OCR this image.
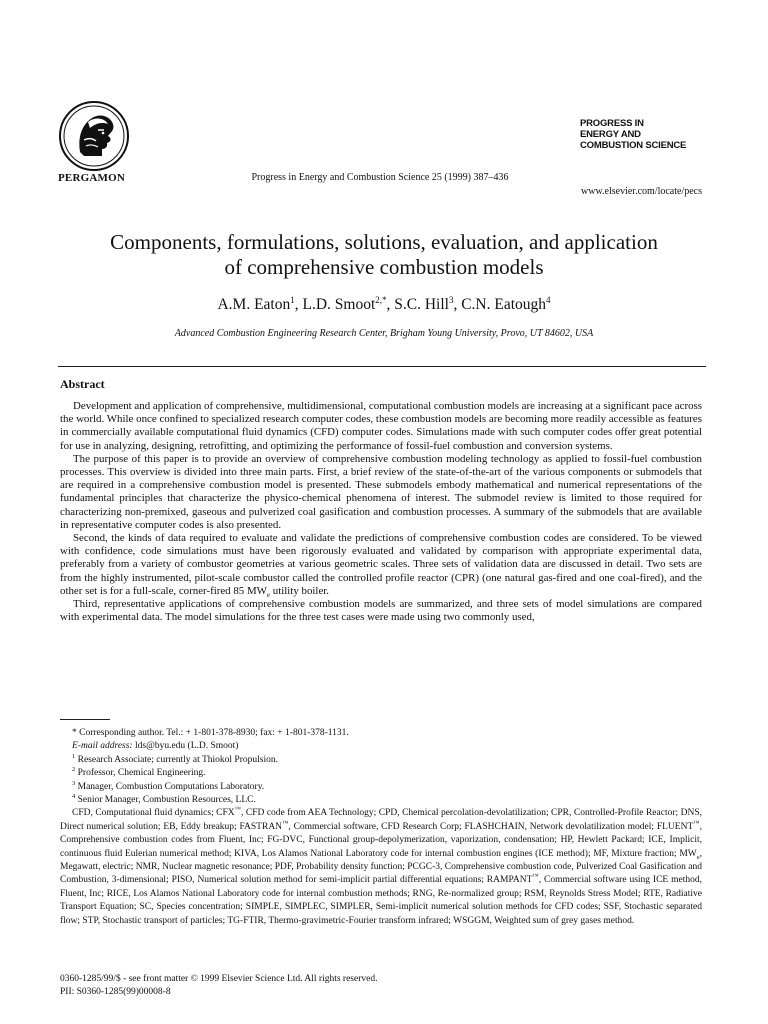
PERGAMON	Progress in Energy and Combustion Science 25 (1999) 387–436
PROGRESS IN
ENERGY AND
COMBUSTION SCIENCE
www.elsevier.com/locate/pecs
Components, formulations, solutions, evaluation, and application
of comprehensive combustion models
A.M. Eaton$^1$, L.D. Smoot$^{2,*}$, S.C. Hill$^3$, C.N. Eatough$^4$
Advanced Combustion Engineering Research Center, Brigham Young University, Provo, UT 84602, USA
Abstract

Development and application of comprehensive, multidimensional, computational combustion models are increasing at a significant pace across the world. While once confined to specialized research computer codes, these combustion models are becoming more readily accessible as features in commercially available computational fluid dynamics (CFD) computer codes. Simulations made with such computer codes offer great potential for use in analyzing, designing, retrofitting, and optimizing the performance of fossil-fuel combustion and conversion systems.

The purpose of this paper is to provide an overview of comprehensive combustion modeling technology as applied to fossil-fuel combustion processes. This overview is divided into three main parts. First, a brief review of the state-of-the-art of the various components or submodels that are required in a comprehensive combustion model is presented. These submodels embody mathematical and numerical representations of the fundamental principles that characterize the physico-chemical phenomena of interest. The submodel review is limited to those required for characterizing non-premixed, gaseous and pulverized coal gasification and combustion processes. A summary of the submodels that are available in representative computer codes is also presented.

Second, the kinds of data required to evaluate and validate the predictions of comprehensive combustion codes are considered. To be viewed with confidence, code simulations must have been rigorously evaluated and validated by comparison with appropriate experimental data, preferably from a variety of combustor geometries at various geometric scales. Three sets of validation data are discussed in detail. Two sets are from the highly instrumented, pilot-scale combustor called the controlled profile reactor (CPR) (one natural gas-fired and one coal-fired), and the other set is for a full-scale, corner-fired 85 $MW_e$ utility boiler.

Third, representative applications of comprehensive combustion models are summarized, and three sets of model simulations are compared with experimental data. The model simulations for the three test cases were made using two commonly used,

* Corresponding author. Tel.: + 1-801-378-8930; fax: + 1-801-378-1131.

E-mail address: lds@byu.edu (L.D. Smoot)

$^1$ Research Associate; currently at Thiokol Propulsion.

$^2$ Professor, Chemical Engineering.

$^3$ Manager, Combustion Computations Laboratory.

$^4$ Senior Manager, Combustion Resources, LLC.

CFD, Computational fluid dynamics; CFX™, CFD code from AEA Technology; CPD, Chemical percolation-devolatilization; CPR, Controlled-Profile Reactor; DNS, Direct numerical solution; EB, Eddy breakup; FASTRAN™, Commercial software, CFD Research Corp; FLASHCHAIN, Network devolatilization model; FLUENT™, Comprehensive combustion codes from Fluent, Inc; FG-DVC, Functional group-depolymerization, vaporization, condensation; HP, Hewlett Packard; ICE, Implicit, continuous fluid Eulerian numerical method; KIVA, Los Alamos National Laboratory code for internal combustion engines (ICE method); MF, Mixture fraction; $MW_e$, Megawatt, electric; NMR, Nuclear magnetic resonance; PDF, Probability density function; PCGC-3, Comprehensive combustion code, Pulverized Coal Gasification and Combustion, 3-dimensional; PISO, Numerical solution method for semi-implicit partial differential equations; RAMPANT™, Commercial software using ICE method, Fluent, Inc; RICE, Los Alamos National Laboratory code for internal combustion methods; RNG, Re-normalized group; RSM, Reynolds Stress Model; RTE, Radiative Transport Equation; SC, Species concentration; SIMPLE, SIMPLEC, SIMPLER, Semi-implicit numerical solution methods for CFD codes; SSF, Stochastic separated flow; STP, Stochastic transport of particles; TG-FTIR, Thermo-gravimetric-Fourier transform infrared; WSGGM, Weighted sum of grey gases method.

0360-1285/99/$ - see front matter © 1999 Elsevier Science Ltd. All rights reserved.
PII: S0360-1285(99)00008-8
